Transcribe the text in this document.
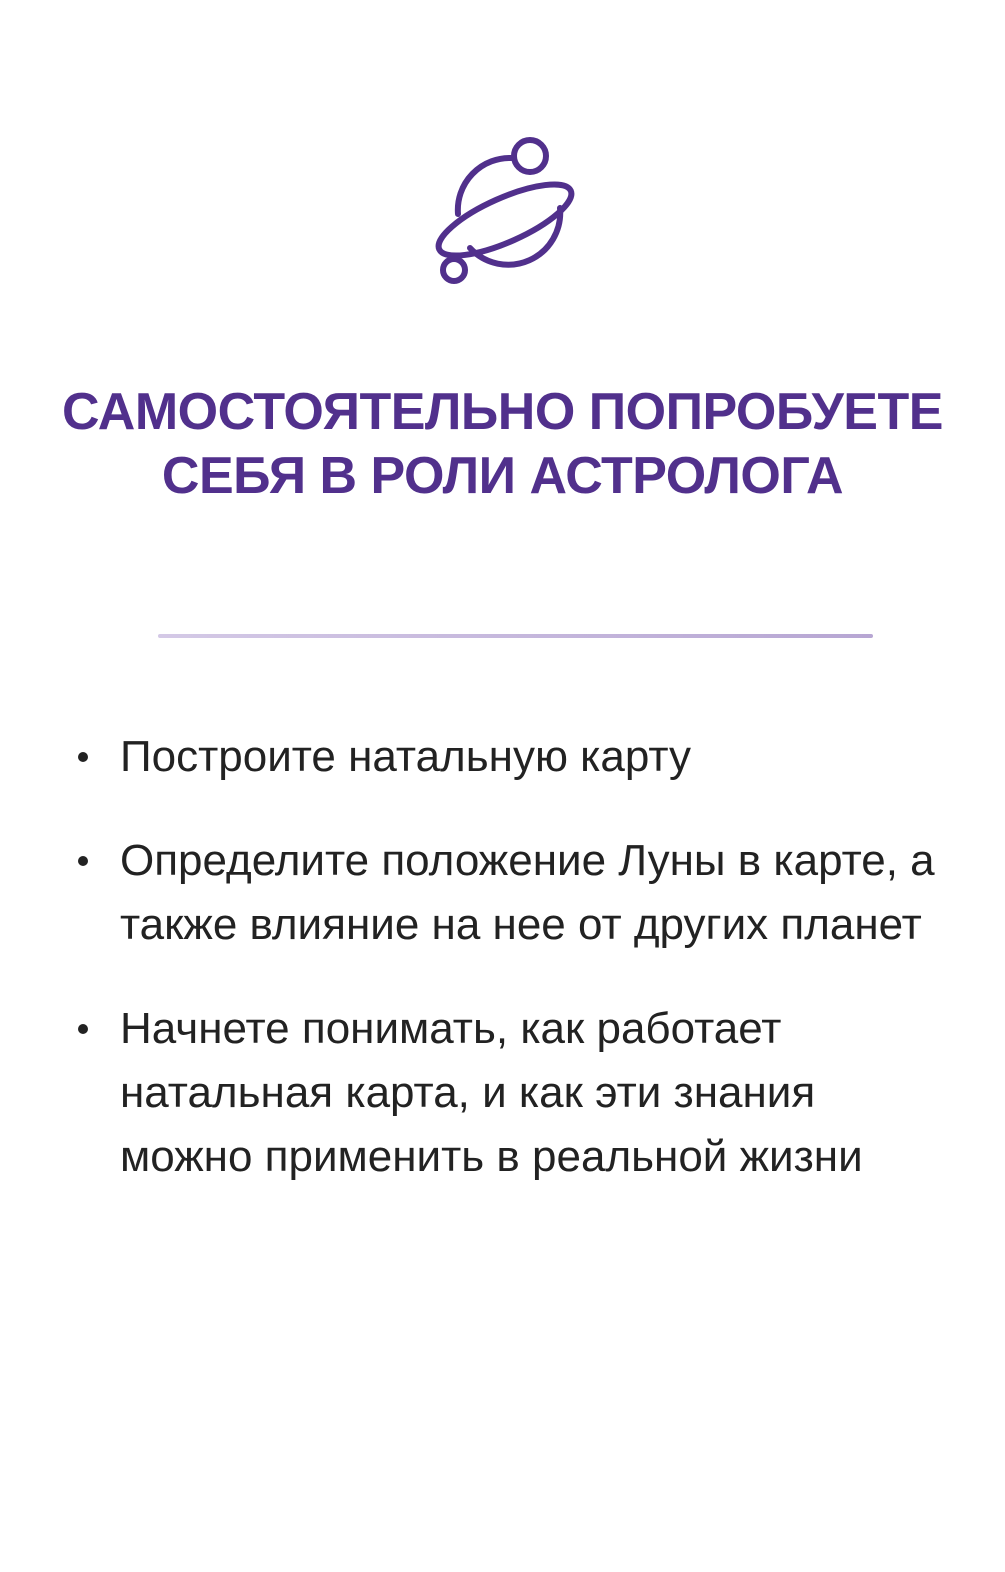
САМОСТОЯТЕЛЬНО ПОПРОБУЕТЕ
СЕБЯ В РОЛИ АСТРОЛОГА
Построите натальную карту
Определите положение Луны в карте, а также влияние на нее от других планет
Начнете понимать, как работает натальная карта, и как эти знания можно применить в реальной жизни
